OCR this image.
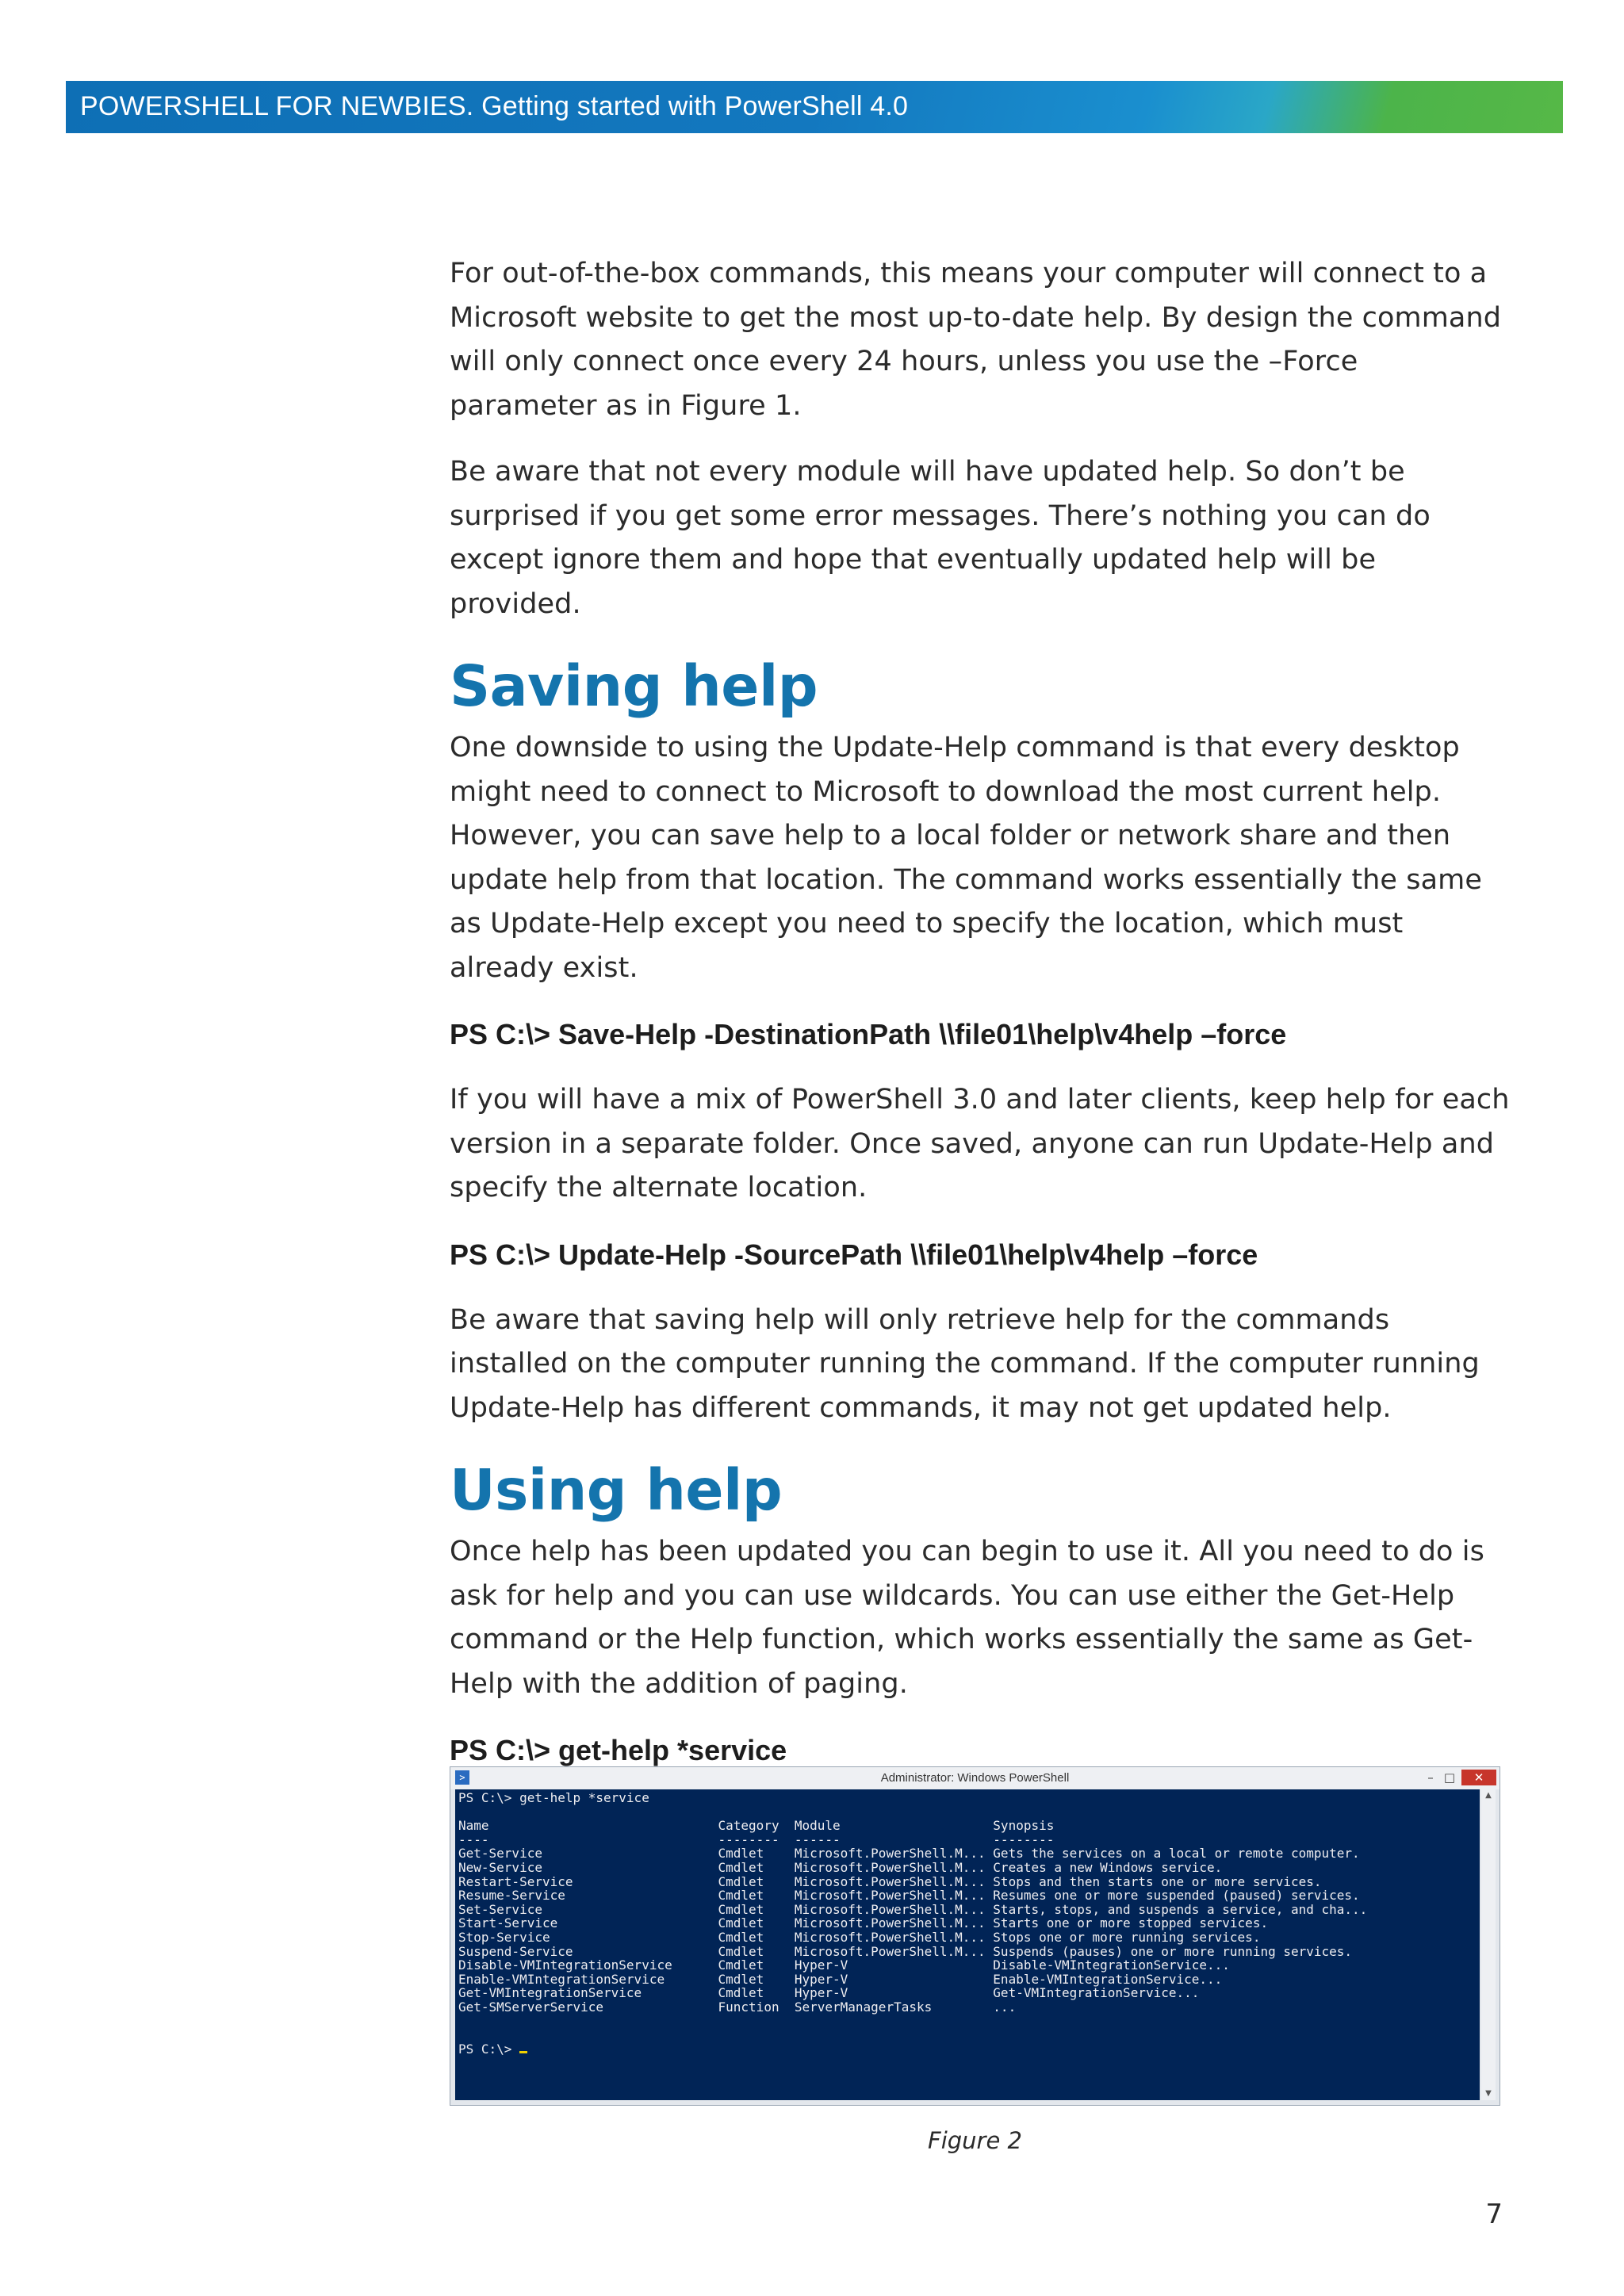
POWERSHELL FOR NEWBIES. Getting started with PowerShell 4.0

For out-of-the-box commands, this means your computer will connect to a Microsoft website to get the most up-to-date help. By design the command will only connect once every 24 hours, unless you use the –Force parameter as in Figure 1.

Be aware that not every module will have updated help. So don’t be surprised if you get some error messages. There’s nothing you can do except ignore them and hope that eventually updated help will be provided.

Saving help

One downside to using the Update-Help command is that every desktop might need to connect to Microsoft to download the most current help. However, you can save help to a local folder or network share and then update help from that location. The command works essentially the same as Update-Help except you need to specify the location, which must already exist.

PS C:\> Save-Help -DestinationPath \\file01\help\v4help –force

If you will have a mix of PowerShell 3.0 and later clients, keep help for each version in a separate folder. Once saved, anyone can run Update-Help and specify the alternate location.

PS C:\> Update-Help -SourcePath \\file01\help\v4help –force

Be aware that saving help will only retrieve help for the commands installed on the computer running the command. If the computer running Update-Help has different commands, it may not get updated help.

Using help

Once help has been updated you can begin to use it. All you need to do is ask for help and you can use wildcards. You can use either the Get-Help command or the Help function, which works essentially the same as Get-Help with the addition of paging.

PS C:\> get-help *service

>	Administrator: Windows PowerShell	– □	✕
PS C:\> get-help *service
Name                              Category  Module                    Synopsis
----                              --------  ------                    --------
Get-Service                       Cmdlet    Microsoft.PowerShell.M... Gets the services on a local or remote computer.
New-Service                       Cmdlet    Microsoft.PowerShell.M... Creates a new Windows service.
Restart-Service                   Cmdlet    Microsoft.PowerShell.M... Stops and then starts one or more services.
Resume-Service                    Cmdlet    Microsoft.PowerShell.M... Resumes one or more suspended (paused) services.
Set-Service                       Cmdlet    Microsoft.PowerShell.M... Starts, stops, and suspends a service, and cha...
Start-Service                     Cmdlet    Microsoft.PowerShell.M... Starts one or more stopped services.
Stop-Service                      Cmdlet    Microsoft.PowerShell.M... Stops one or more running services.
Suspend-Service                   Cmdlet    Microsoft.PowerShell.M... Suspends (pauses) one or more running services.
Disable-VMIntegrationService      Cmdlet    Hyper-V                   Disable-VMIntegrationService...
Enable-VMIntegrationService       Cmdlet    Hyper-V                   Enable-VMIntegrationService...
Get-VMIntegrationService          Cmdlet    Hyper-V                   Get-VMIntegrationService...
Get-SMServerService               Function  ServerManagerTasks        ...
PS C:\>
▲
▼
Figure 2
7
